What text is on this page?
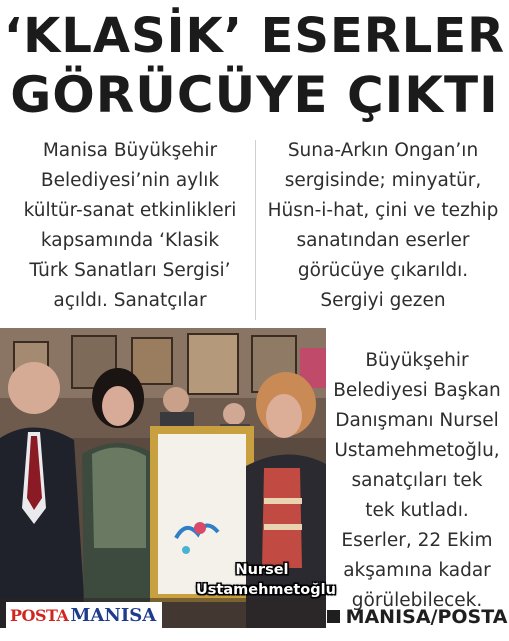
‘KLASİK’ ESERLER
GÖRÜCÜYE ÇIKTI
Manisa Büyükşehir
Belediyesi’nin aylık
kültür-sanat etkinlikleri
kapsamında ‘Klasik
Türk Sanatları Sergisi’
açıldı. Sanatçılar
Suna-Arkın Ongan’ın
sergisinde; minyatür,
Hüsn-i-hat, çini ve tezhip
sanatından eserler
görücüye çıkarıldı.
Sergiyi gezen
Büyükşehir
Belediyesi Başkan
Danışmanı Nursel
Ustamehmetoğlu,
sanatçıları tek
tek kutladı.
Eserler, 22 Ekim
akşamına kadar
görülebilecek.
Nursel
Ustamehmetoğlu
POSTA MANISA	MANISA/POSTA
